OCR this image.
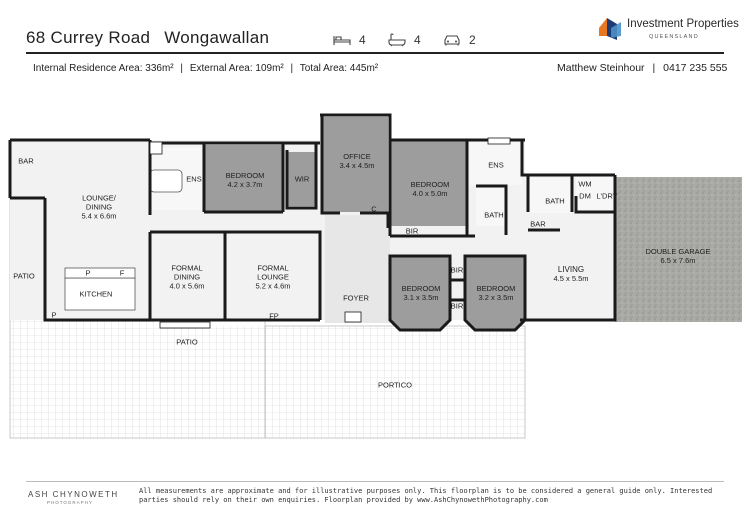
68 Currey Road Wongawallan	4	4	2
Investment Properties
QUEENSLAND
Internal Residence Area: 336m² | External Area: 109m² | Total Area: 445m²	Matthew Steinhour | 0417 235 555
BAR
LOUNGE/ DINING
5.4 x 6.6m
PATIO
KITCHEN
P	F
P
ENS	BEDROOM
4.2 x 3.7m
WIR
OFFICE
3.4 x 4.5m
C
BEDROOM
4.0 x 5.0m
BIR
ENS
BATH
BATH
BAR
WM
DM L'DRY
DOUBLE GARAGE
6.5 x 7.6m
LIVING
4.5 x 5.5m
FORMAL DINING
4.0 x 5.6m
FORMAL LOUNGE
5.2 x 4.6m
FP
FOYER
BEDROOM
3.1 x 3.5m
BIR
BIR
BEDROOM
3.2 x 3.5m
PATIO
PORTICO
ASH CHYNOWETH
PHOTOGRAPHY
All measurements are approximate and for illustrative purposes only. This floorplan is to be considered a general guide only. Interested parties should rely on their own enquiries. Floorplan provided by www.AshChynowethPhotography.com
